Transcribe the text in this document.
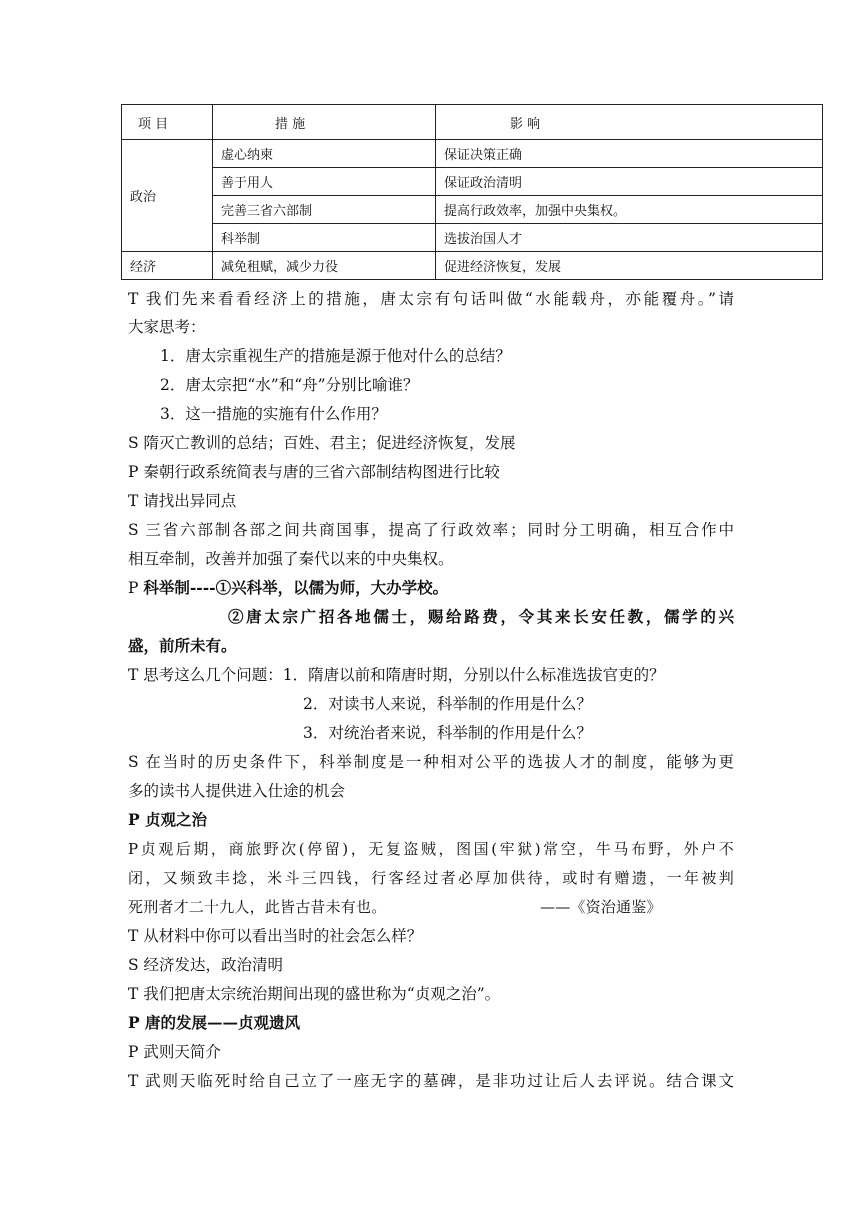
项 目	措 施	影 响
政治	虚心纳柬	保证决策正确
	善于用人	保证政治清明
	完善三省六部制	提高行政效率，加强中央集权。
	科举制	选拔治国人才
经济	减免租赋，减少力役	促进经济恢复，发展
T 我们先来看看经济上的措施，唐太宗有句话叫做“水能载舟，亦能覆舟。”请
大家思考：
1．唐太宗重视生产的措施是源于他对什么的总结？
2．唐太宗把“水”和“舟”分别比喻谁？
3．这一措施的实施有什么作用？
S 隋灭亡教训的总结；百姓、君主；促进经济恢复，发展
P 秦朝行政系统简表与唐的三省六部制结构图进行比较
T 请找出异同点
S 三省六部制各部之间共商国事，提高了行政效率；同时分工明确，相互合作中
相互牵制，改善并加强了秦代以来的中央集权。
P 科举制----①兴科举，以儒为师，大办学校。
②唐太宗广招各地儒士，赐给路费，令其来长安任教，儒学的兴
盛，前所未有。
T 思考这么几个问题：1．隋唐以前和隋唐时期，分别以什么标准选拔官吏的？
2．对读书人来说，科举制的作用是什么？
3．对统治者来说，科举制的作用是什么？
S 在当时的历史条件下，科举制度是一种相对公平的选拔人才的制度，能够为更
多的读书人提供进入仕途的机会
P 贞观之治
P贞观后期，商旅野次(停留)，无复盗贼，图国(牢狱)常空，牛马布野，外户不
闭，又频致丰捻，米斗三四钱，行客经过者必厚加供待，或时有赠遗，一年被判
死刑者才二十九人，此皆古昔未有也。	——《资治通鉴》
T 从材料中你可以看出当时的社会怎么样？
S 经济发达，政治清明
T 我们把唐太宗统治期间出现的盛世称为“贞观之治”。
P 唐的发展——贞观遗风
P 武则天简介
T 武则天临死时给自己立了一座无字的墓碑，是非功过让后人去评说。结合课文
